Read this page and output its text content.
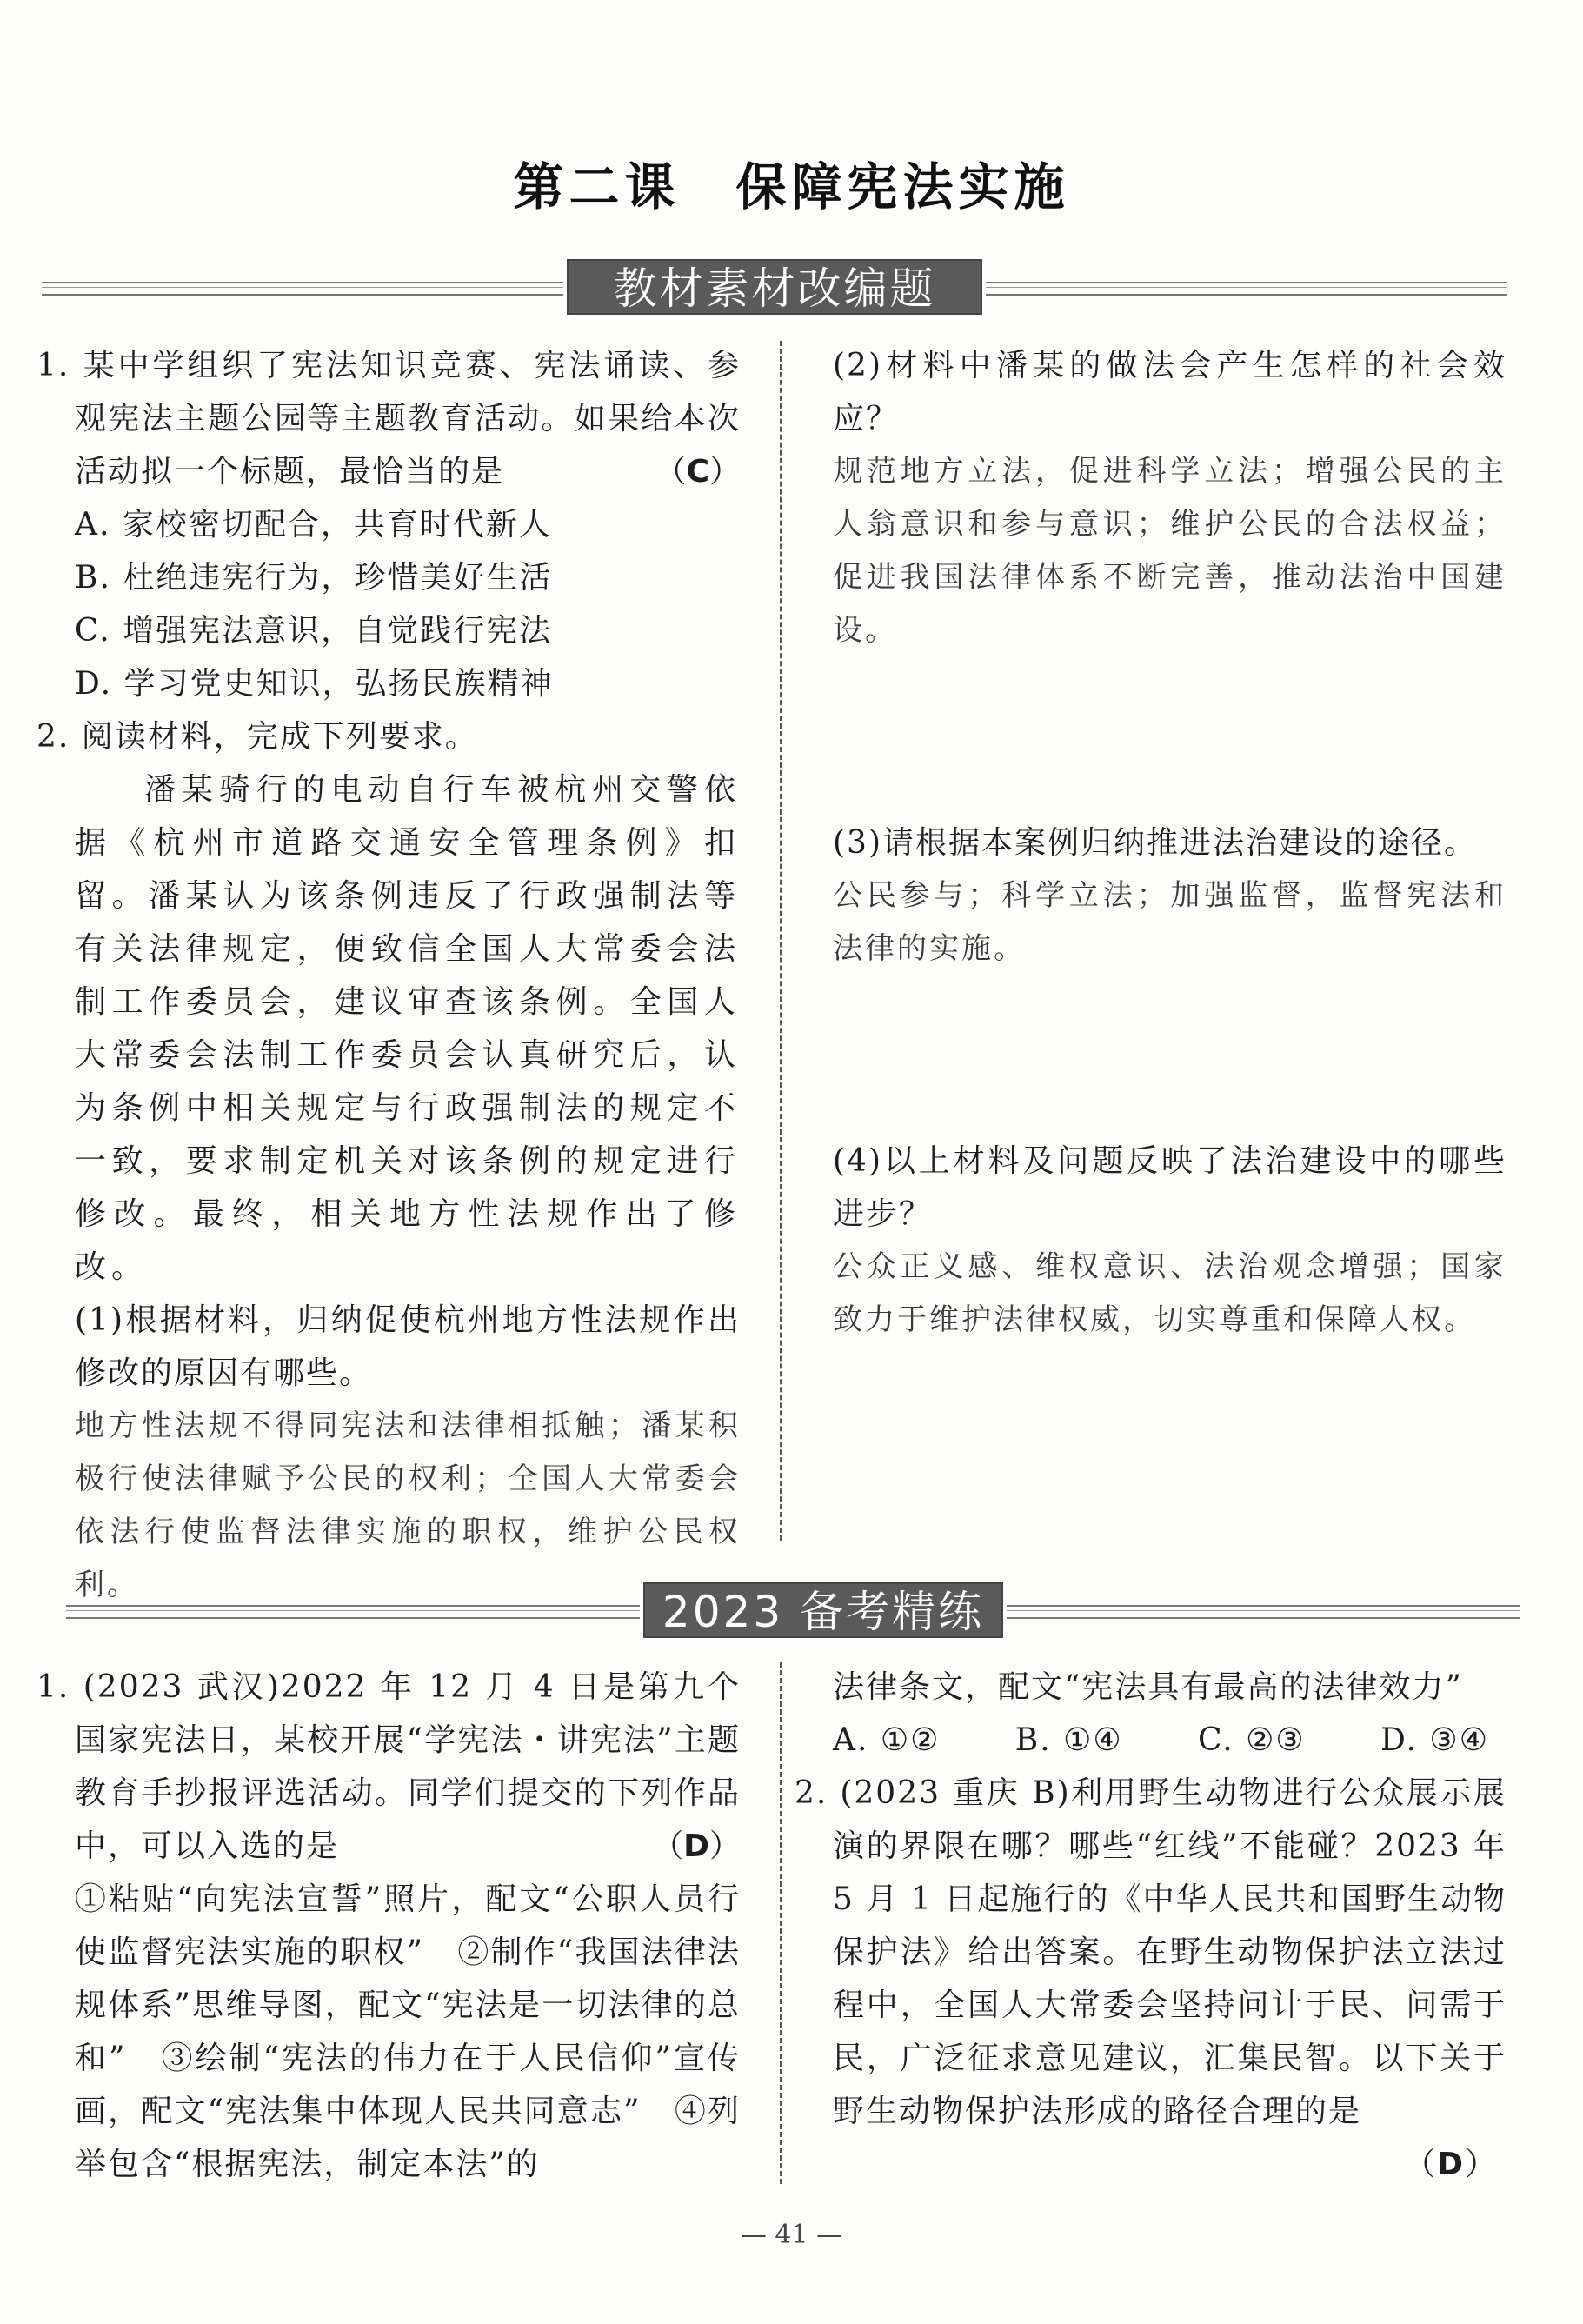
第二课　保障宪法实施
教材素材改编题

1. 某中学组织了宪法知识竞赛、宪法诵读、参观宪法主题公园等主题教育活动。如果给本次活动拟一个标题，最恰当的是	（C）

A. 家校密切配合，共育时代新人

B. 杜绝违宪行为，珍惜美好生活

C. 增强宪法意识，自觉践行宪法

D. 学习党史知识，弘扬民族精神

2. 阅读材料，完成下列要求。

潘某骑行的电动自行车被杭州交警依据《杭州市道路交通安全管理条例》扣留。潘某认为该条例违反了行政强制法等有关法律规定，便致信全国人大常委会法制工作委员会，建议审查该条例。全国人大常委会法制工作委员会认真研究后，认为条例中相关规定与行政强制法的规定不一致，要求制定机关对该条例的规定进行修改。最终，相关地方性法规作出了修改。

(1)根据材料，归纳促使杭州地方性法规作出修改的原因有哪些。

地方性法规不得同宪法和法律相抵触；潘某积极行使法律赋予公民的权利；全国人大常委会依法行使监督法律实施的职权，维护公民权利。

(2)材料中潘某的做法会产生怎样的社会效应？

规范地方立法，促进科学立法；增强公民的主人翁意识和参与意识；维护公民的合法权益；促进我国法律体系不断完善，推动法治中国建设。

(3)请根据本案例归纳推进法治建设的途径。

公民参与；科学立法；加强监督，监督宪法和法律的实施。

(4)以上材料及问题反映了法治建设中的哪些进步？

公众正义感、维权意识、法治观念增强；国家致力于维护法律权威，切实尊重和保障人权。

2023 备考精练

1. (2023 武汉)2022 年 12 月 4 日是第九个国家宪法日，某校开展“学宪法・讲宪法”主题教育手抄报评选活动。同学们提交的下列作品中，可以入选的是	（D）

①粘贴“向宪法宣誓”照片，配文“公职人员行使监督宪法实施的职权”　②制作“我国法律法规体系”思维导图，配文“宪法是一切法律的总和”　③绘制“宪法的伟力在于人民信仰”宣传画，配文“宪法集中体现人民共同意志”　④列举包含“根据宪法，制定本法”的

法律条文，配文“宪法具有最高的法律效力”

A. ①② B. ①④ C. ②③ D. ③④

2. (2023 重庆 B)利用野生动物进行公众展示展演的界限在哪？哪些“红线”不能碰？2023 年 5 月 1 日起施行的《中华人民共和国野生动物保护法》给出答案。在野生动物保护法立法过程中，全国人大常委会坚持问计于民、问需于民，广泛征求意见建议，汇集民智。以下关于野生动物保护法形成的路径合理的是

（D）

— 41 —
